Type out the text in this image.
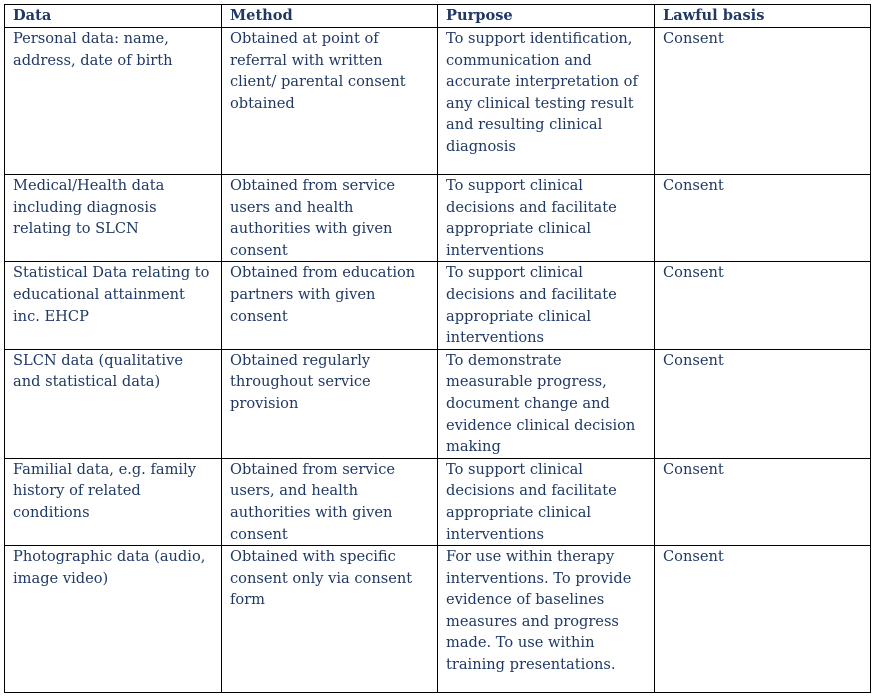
Data	Method	Purpose	Lawful basis
Personal data: name, address, date of birth	Obtained at point of referral with written client/ parental consent obtained	To support identification, communication and accurate interpretation of any clinical testing result and resulting clinical diagnosis	Consent
Medical/Health data including diagnosis relating to SLCN	Obtained from service users and health authorities with given consent	To support clinical decisions and facilitate appropriate clinical interventions	Consent
Statistical Data relating to educational attainment inc. EHCP	Obtained from education partners with given consent	To support clinical decisions and facilitate appropriate clinical interventions	Consent
SLCN data (qualitative and statistical data)	Obtained regularly throughout service provision	To demonstrate measurable progress, document change and evidence clinical decision making	Consent
Familial data, e.g. family history of related conditions	Obtained from service users, and health authorities with given consent	To support clinical decisions and facilitate appropriate clinical interventions	Consent
Photographic data (audio, image video)	Obtained with specific consent only via consent form	For use within therapy interventions. To provide evidence of baselines measures and progress made. To use within training presentations.	Consent
